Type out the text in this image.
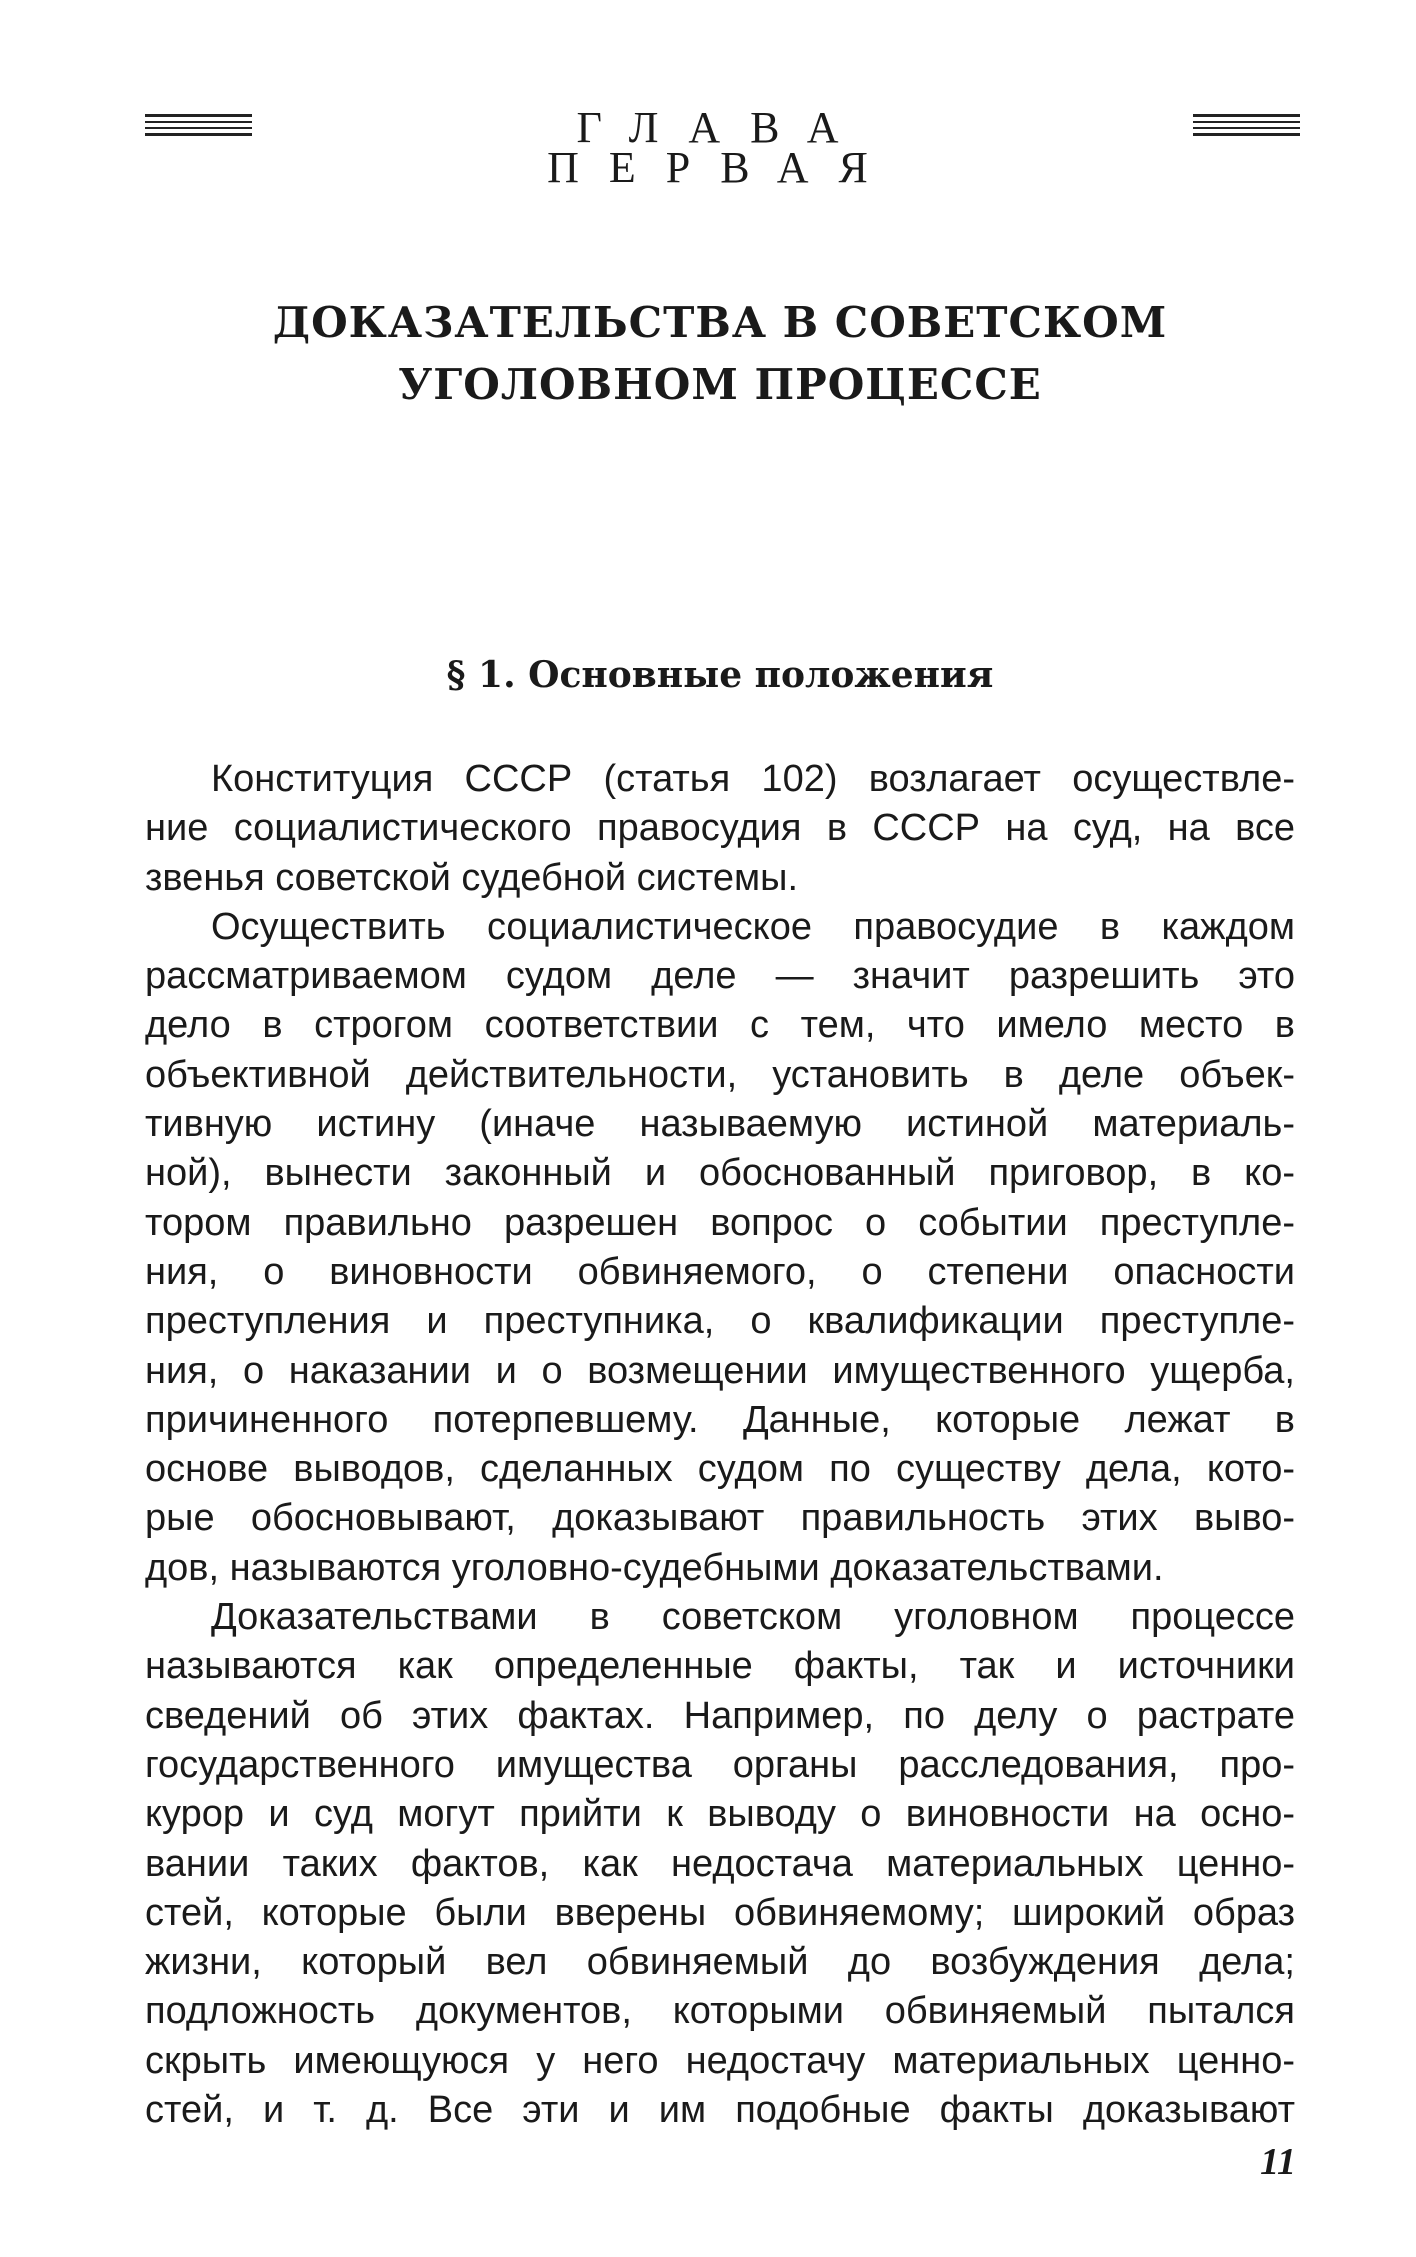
ГЛАВА ПЕРВАЯ
ДОКАЗАТЕЛЬСТВА В СОВЕТСКОМ
УГОЛОВНОМ ПРОЦЕССЕ
§ 1. Основные положения

Конституция СССР (статья 102) возлагает осуществле-
ние социалистического правосудия в СССР на суд, на все
звенья советской судебной системы.

Осуществить социалистическое правосудие в каждом
рассматриваемом судом деле — значит разрешить это
дело в строгом соответствии с тем, что имело место в
объективной действительности, установить в деле объек-
тивную истину (иначе называемую истиной материаль-
ной), вынести законный и обоснованный приговор, в ко-
тором правильно разрешен вопрос о событии преступле-
ния, о виновности обвиняемого, о степени опасности
преступления и преступника, о квалификации преступле-
ния, о наказании и о возмещении имущественного ущерба,
причиненного потерпевшему. Данные, которые лежат в
основе выводов, сделанных судом по существу дела, кото-
рые обосновывают, доказывают правильность этих выво-
дов, называются уголовно-судебными доказательствами.

Доказательствами в советском уголовном процессе
называются как определенные факты, так и источники
сведений об этих фактах. Например, по делу о растрате
государственного имущества органы расследования, про-
курор и суд могут прийти к выводу о виновности на осно-
вании таких фактов, как недостача материальных ценно-
стей, которые были вверены обвиняемому; широкий образ
жизни, который вел обвиняемый до возбуждения дела;
подложность документов, которыми обвиняемый пытался
скрыть имеющуюся у него недостачу материальных ценно-
стей, и т. д. Все эти и им подобные факты доказывают

11
